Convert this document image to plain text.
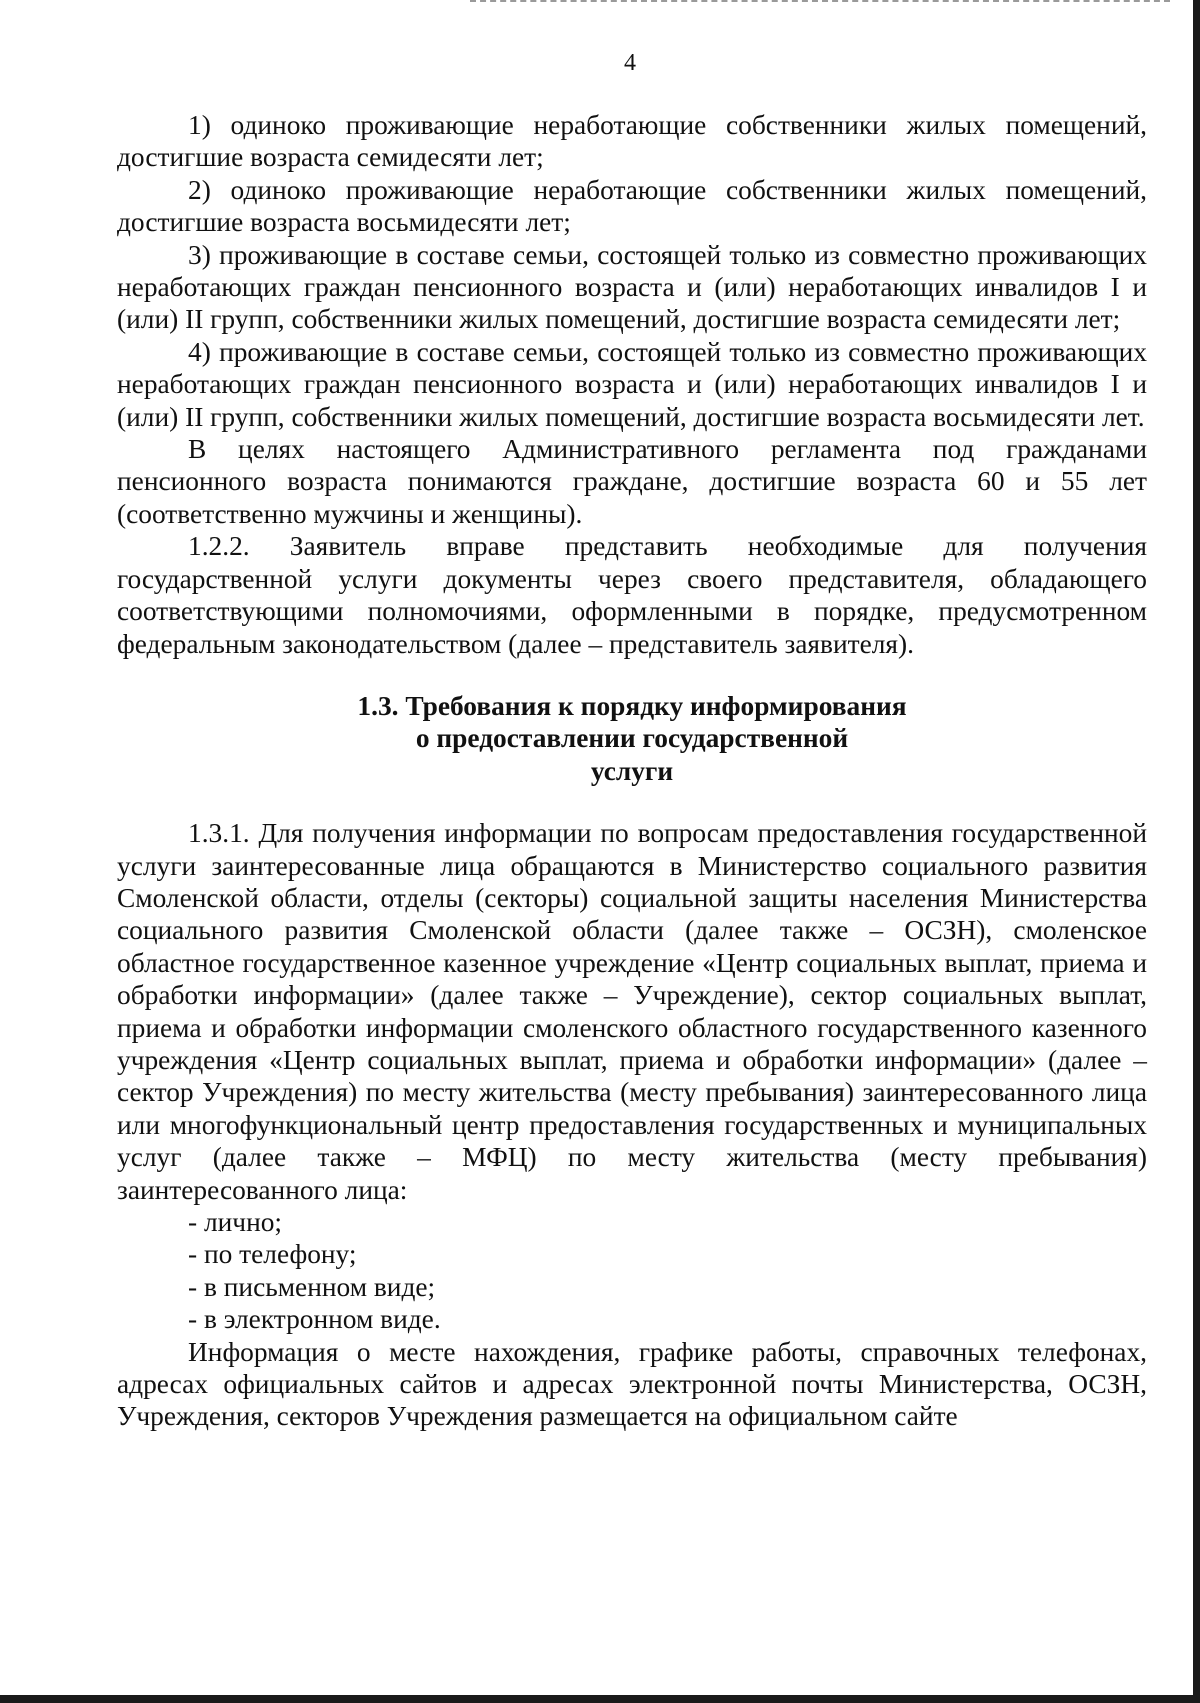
4

1) одиноко проживающие неработающие собственники жилых помещений, достигшие возраста семидесяти лет;

2) одиноко проживающие неработающие собственники жилых помещений, достигшие возраста восьмидесяти лет;

3) проживающие в составе семьи, состоящей только из совместно проживающих неработающих граждан пенсионного возраста и (или) неработающих инвалидов I и (или) II групп, собственники жилых помещений, достигшие возраста семидесяти лет;

4) проживающие в составе семьи, состоящей только из совместно проживающих неработающих граждан пенсионного возраста и (или) неработающих инвалидов I и (или) II групп, собственники жилых помещений, достигшие возраста восьмидесяти лет.

В целях настоящего Административного регламента под гражданами пенсионного возраста понимаются граждане, достигшие возраста 60 и 55 лет (соответственно мужчины и женщины).

1.2.2. Заявитель вправе представить необходимые для получения государственной услуги документы через своего представителя, обладающего соответствующими полномочиями, оформленными в порядке, предусмотренном федеральным законодательством (далее – представитель заявителя).

1.3. Требования к порядку информирования
о предоставлении государственной
услуги

1.3.1. Для получения информации по вопросам предоставления государственной услуги заинтересованные лица обращаются в Министерство социального развития Смоленской области, отделы (секторы) социальной защиты населения Министерства социального развития Смоленской области (далее также – ОСЗН), смоленское областное государственное казенное учреждение «Центр социальных выплат, приема и обработки информации» (далее также – Учреждение), сектор социальных выплат, приема и обработки информации смоленского областного государственного казенного учреждения «Центр социальных выплат, приема и обработки информации» (далее – сектор Учреждения) по месту жительства (месту пребывания) заинтересованного лица или многофункциональный центр предоставления государственных и муниципальных услуг (далее также – МФЦ) по месту жительства (месту пребывания) заинтересованного лица:

- лично;

- по телефону;

- в письменном виде;

- в электронном виде.

Информация о месте нахождения, графике работы, справочных телефонах, адресах официальных сайтов и адресах электронной почты Министерства, ОСЗН, Учреждения, секторов Учреждения размещается на официальном сайте
